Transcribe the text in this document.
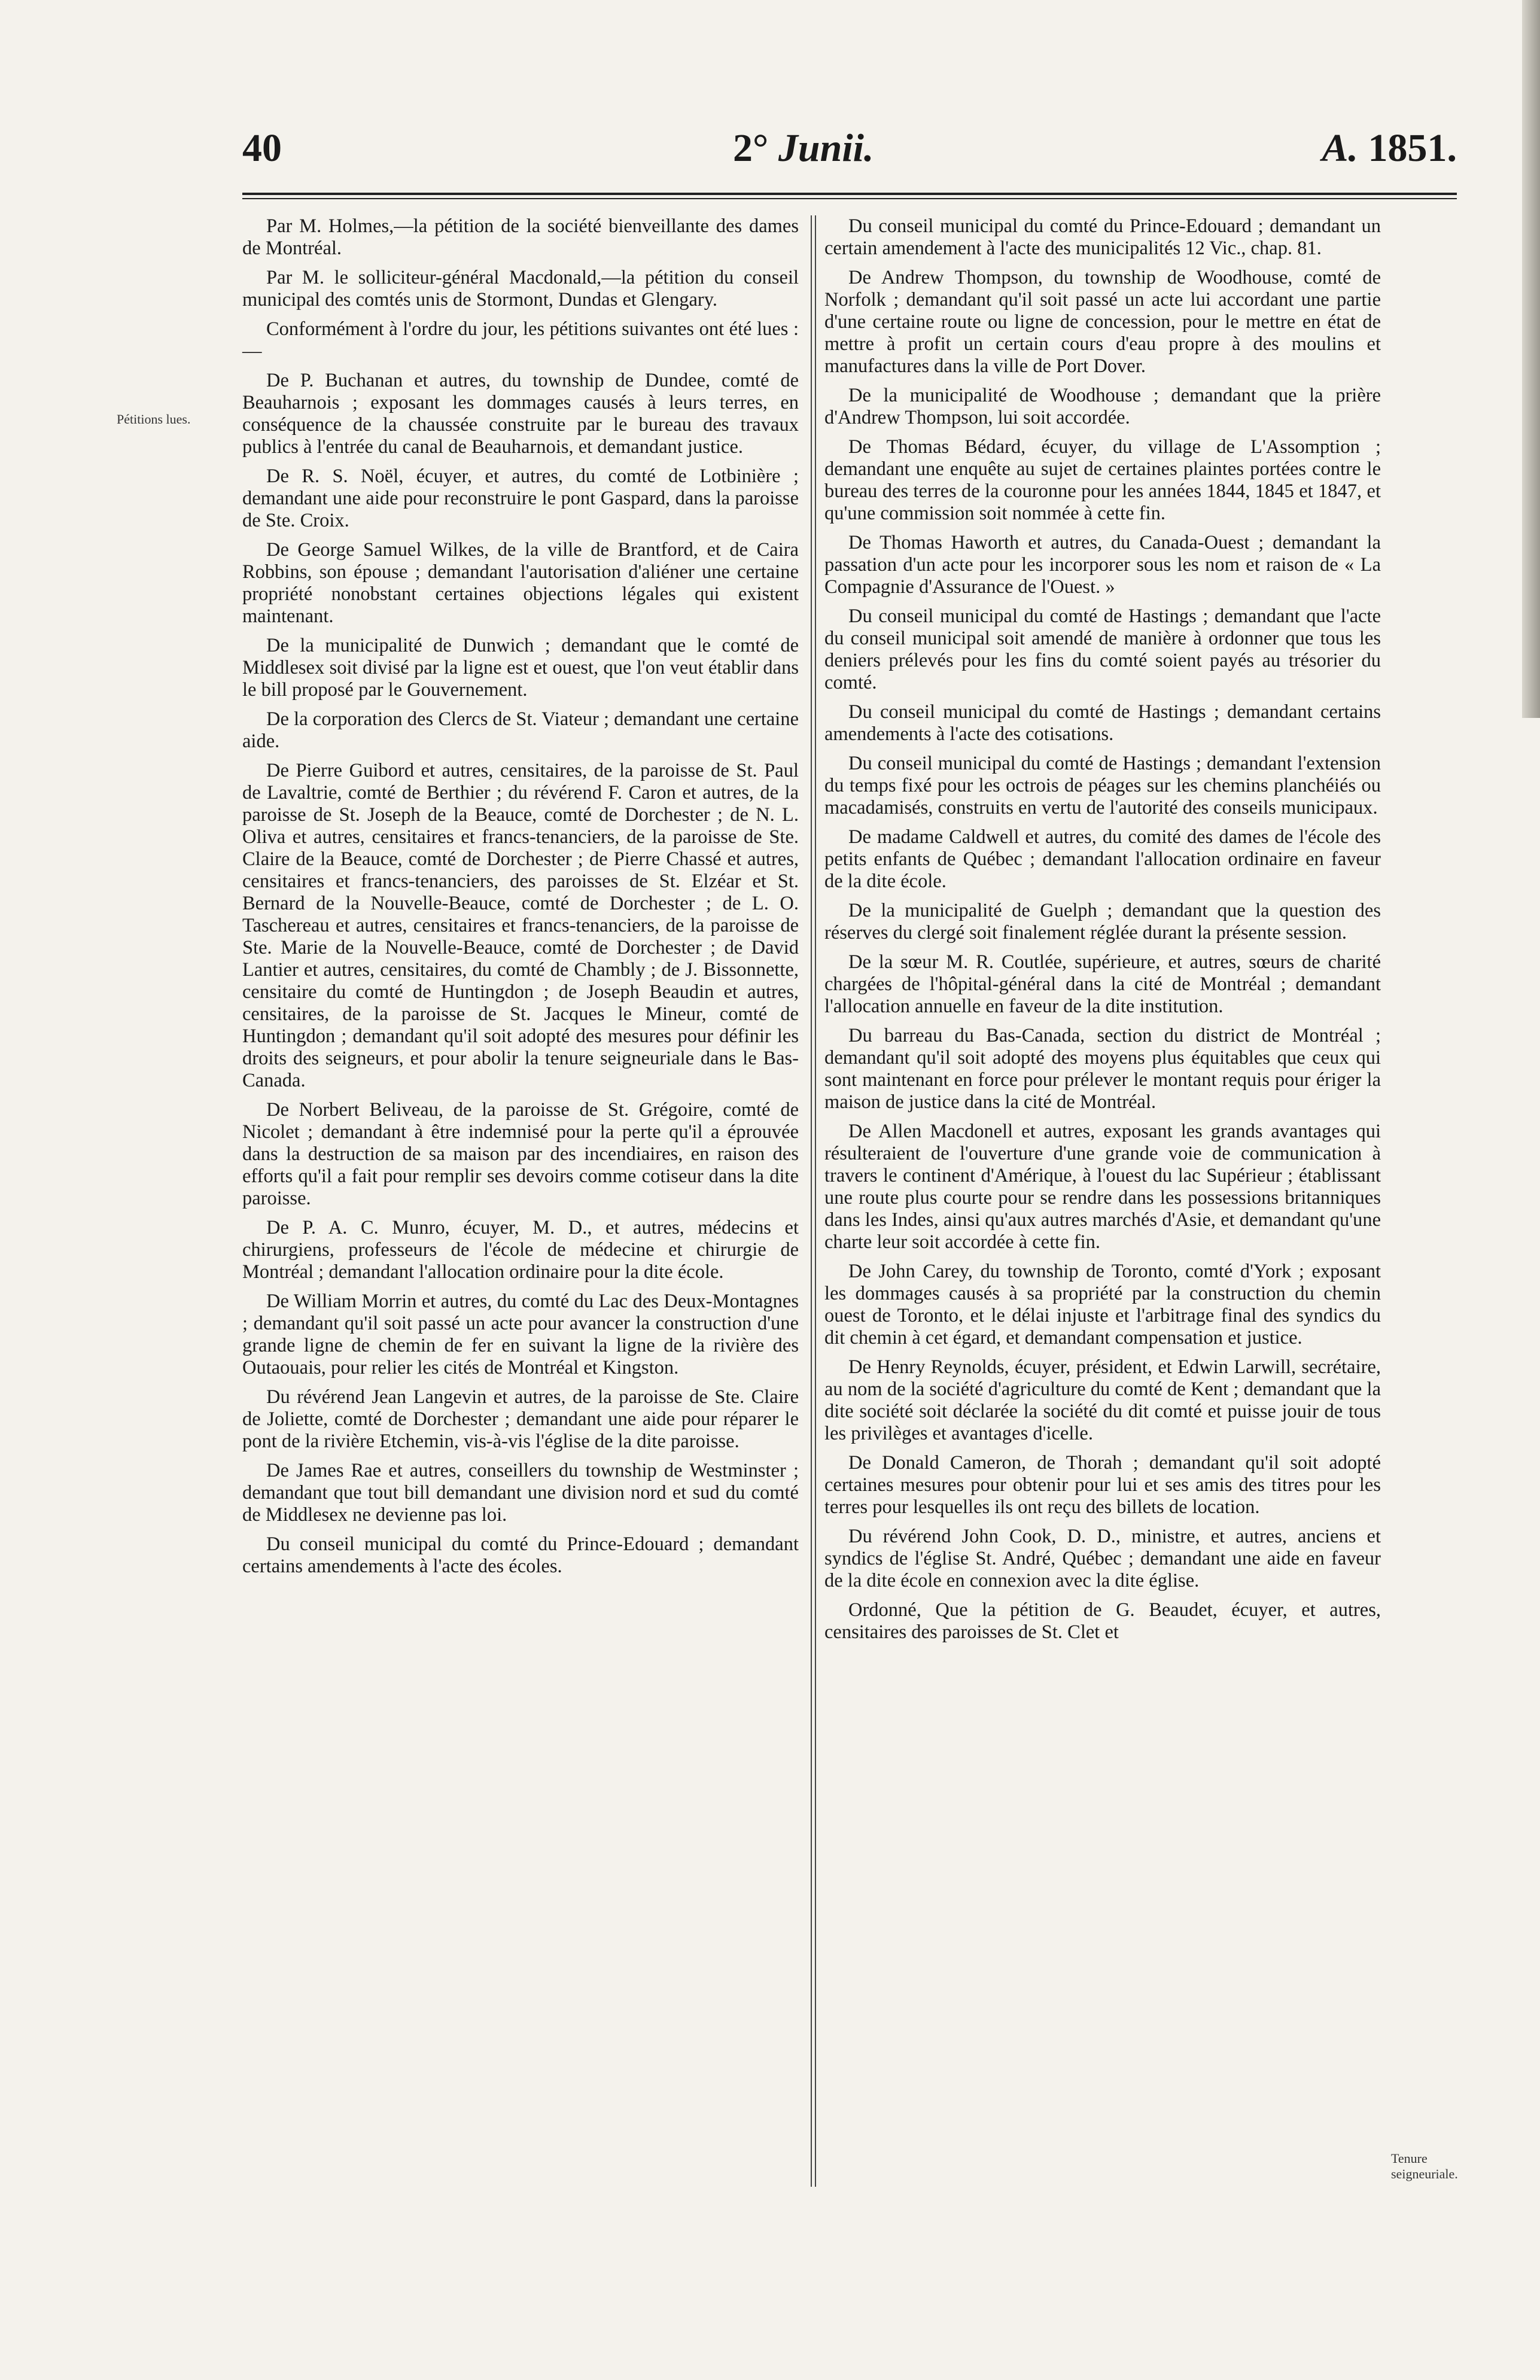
40	2° Junii.	A. 1851.
Pétitions lues.
Tenure seigneuriale.

Par M. Holmes,—la pétition de la société bienveillante des dames de Montréal.

Par M. le solliciteur-général Macdonald,—la pétition du conseil municipal des comtés unis de Stormont, Dundas et Glengary.

Conformément à l'ordre du jour, les pétitions suivantes ont été lues :—

De P. Buchanan et autres, du township de Dundee, comté de Beauharnois ; exposant les dommages causés à leurs terres, en conséquence de la chaussée construite par le bureau des travaux publics à l'entrée du canal de Beauharnois, et demandant justice.

De R. S. Noël, écuyer, et autres, du comté de Lotbinière ; demandant une aide pour reconstruire le pont Gaspard, dans la paroisse de Ste. Croix.

De George Samuel Wilkes, de la ville de Brantford, et de Caira Robbins, son épouse ; demandant l'autorisation d'aliéner une certaine propriété nonobstant certaines objections légales qui existent maintenant.

De la municipalité de Dunwich ; demandant que le comté de Middlesex soit divisé par la ligne est et ouest, que l'on veut établir dans le bill proposé par le Gouvernement.

De la corporation des Clercs de St. Viateur ; demandant une certaine aide.

De Pierre Guibord et autres, censitaires, de la paroisse de St. Paul de Lavaltrie, comté de Berthier ; du révérend F. Caron et autres, de la paroisse de St. Joseph de la Beauce, comté de Dorchester ; de N. L. Oliva et autres, censitaires et francs-tenanciers, de la paroisse de Ste. Claire de la Beauce, comté de Dorchester ; de Pierre Chassé et autres, censitaires et francs-tenanciers, des paroisses de St. Elzéar et St. Bernard de la Nouvelle-Beauce, comté de Dorchester ; de L. O. Taschereau et autres, censitaires et francs-tenanciers, de la paroisse de Ste. Marie de la Nouvelle-Beauce, comté de Dorchester ; de David Lantier et autres, censitaires, du comté de Chambly ; de J. Bissonnette, censitaire du comté de Huntingdon ; de Joseph Beaudin et autres, censitaires, de la paroisse de St. Jacques le Mineur, comté de Huntingdon ; demandant qu'il soit adopté des mesures pour définir les droits des seigneurs, et pour abolir la tenure seigneuriale dans le Bas-Canada.

De Norbert Beliveau, de la paroisse de St. Grégoire, comté de Nicolet ; demandant à être indemnisé pour la perte qu'il a éprouvée dans la destruction de sa maison par des incendiaires, en raison des efforts qu'il a fait pour remplir ses devoirs comme cotiseur dans la dite paroisse.

De P. A. C. Munro, écuyer, M. D., et autres, médecins et chirurgiens, professeurs de l'école de médecine et chirurgie de Montréal ; demandant l'allocation ordinaire pour la dite école.

De William Morrin et autres, du comté du Lac des Deux-Montagnes ; demandant qu'il soit passé un acte pour avancer la construction d'une grande ligne de chemin de fer en suivant la ligne de la rivière des Outaouais, pour relier les cités de Montréal et Kingston.

Du révérend Jean Langevin et autres, de la paroisse de Ste. Claire de Joliette, comté de Dorchester ; demandant une aide pour réparer le pont de la rivière Etchemin, vis-à-vis l'église de la dite paroisse.

De James Rae et autres, conseillers du township de Westminster ; demandant que tout bill demandant une division nord et sud du comté de Middlesex ne devienne pas loi.

Du conseil municipal du comté du Prince-Edouard ; demandant certains amendements à l'acte des écoles.

Du conseil municipal du comté du Prince-Edouard ; demandant un certain amendement à l'acte des municipalités 12 Vic., chap. 81.

De Andrew Thompson, du township de Woodhouse, comté de Norfolk ; demandant qu'il soit passé un acte lui accordant une partie d'une certaine route ou ligne de concession, pour le mettre en état de mettre à profit un certain cours d'eau propre à des moulins et manufactures dans la ville de Port Dover.

De la municipalité de Woodhouse ; demandant que la prière d'Andrew Thompson, lui soit accordée.

De Thomas Bédard, écuyer, du village de L'Assomption ; demandant une enquête au sujet de certaines plaintes portées contre le bureau des terres de la couronne pour les années 1844, 1845 et 1847, et qu'une commission soit nommée à cette fin.

De Thomas Haworth et autres, du Canada-Ouest ; demandant la passation d'un acte pour les incorporer sous les nom et raison de « La Compagnie d'Assurance de l'Ouest. »

Du conseil municipal du comté de Hastings ; demandant que l'acte du conseil municipal soit amendé de manière à ordonner que tous les deniers prélevés pour les fins du comté soient payés au trésorier du comté.

Du conseil municipal du comté de Hastings ; demandant certains amendements à l'acte des cotisations.

Du conseil municipal du comté de Hastings ; demandant l'extension du temps fixé pour les octrois de péages sur les chemins planchéiés ou macadamisés, construits en vertu de l'autorité des conseils municipaux.

De madame Caldwell et autres, du comité des dames de l'école des petits enfants de Québec ; demandant l'allocation ordinaire en faveur de la dite école.

De la municipalité de Guelph ; demandant que la question des réserves du clergé soit finalement réglée durant la présente session.

De la sœur M. R. Coutlée, supérieure, et autres, sœurs de charité chargées de l'hôpital-général dans la cité de Montréal ; demandant l'allocation annuelle en faveur de la dite institution.

Du barreau du Bas-Canada, section du district de Montréal ; demandant qu'il soit adopté des moyens plus équitables que ceux qui sont maintenant en force pour prélever le montant requis pour ériger la maison de justice dans la cité de Montréal.

De Allen Macdonell et autres, exposant les grands avantages qui résulteraient de l'ouverture d'une grande voie de communication à travers le continent d'Amérique, à l'ouest du lac Supérieur ; établissant une route plus courte pour se rendre dans les possessions britanniques dans les Indes, ainsi qu'aux autres marchés d'Asie, et demandant qu'une charte leur soit accordée à cette fin.

De John Carey, du township de Toronto, comté d'York ; exposant les dommages causés à sa propriété par la construction du chemin ouest de Toronto, et le délai injuste et l'arbitrage final des syndics du dit chemin à cet égard, et demandant compensation et justice.

De Henry Reynolds, écuyer, président, et Edwin Larwill, secrétaire, au nom de la société d'agriculture du comté de Kent ; demandant que la dite société soit déclarée la société du dit comté et puisse jouir de tous les privilèges et avantages d'icelle.

De Donald Cameron, de Thorah ; demandant qu'il soit adopté certaines mesures pour obtenir pour lui et ses amis des titres pour les terres pour lesquelles ils ont reçu des billets de location.

Du révérend John Cook, D. D., ministre, et autres, anciens et syndics de l'église St. André, Québec ; demandant une aide en faveur de la dite école en connexion avec la dite église.

Ordonné, Que la pétition de G. Beaudet, écuyer, et autres, censitaires des paroisses de St. Clet et
